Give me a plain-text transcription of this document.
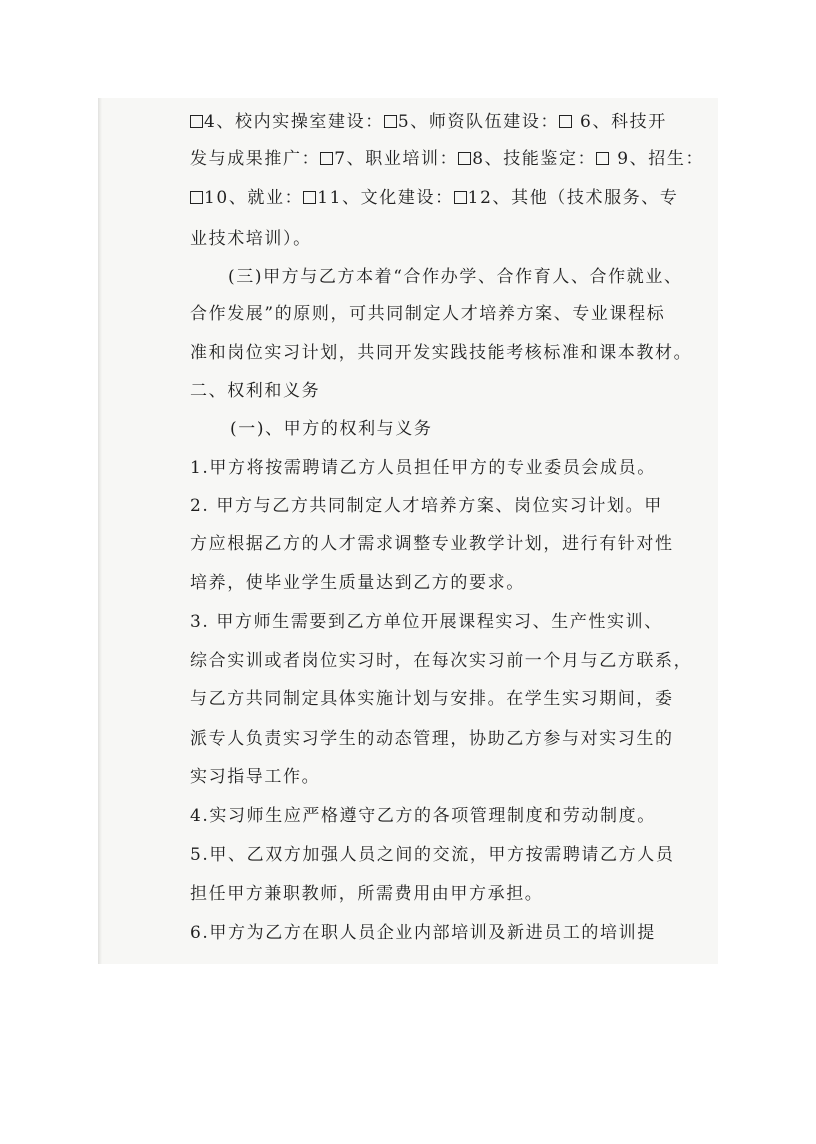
4、校内实操室建设： 5、师资队伍建设： 6、科技开
发与成果推广： 7、职业培训： 8、技能鉴定： 9、招生：
10、就业： 11、文化建设： 12、其他（技术服务、专
业技术培训）。
(三)甲方与乙方本着“合作办学、合作育人、合作就业、
合作发展”的原则，可共同制定人才培养方案、专业课程标
准和岗位实习计划，共同开发实践技能考核标准和课本教材。
二、权利和义务
(一)、甲方的权利与义务
1.甲方将按需聘请乙方人员担任甲方的专业委员会成员。
2. 甲方与乙方共同制定人才培养方案、岗位实习计划。甲
方应根据乙方的人才需求调整专业教学计划，进行有针对性
培养，使毕业学生质量达到乙方的要求。
3. 甲方师生需要到乙方单位开展课程实习、生产性实训、
综合实训或者岗位实习时，在每次实习前一个月与乙方联系，
与乙方共同制定具体实施计划与安排。在学生实习期间，委
派专人负责实习学生的动态管理，协助乙方参与对实习生的
实习指导工作。
4.实习师生应严格遵守乙方的各项管理制度和劳动制度。
5.甲、乙双方加强人员之间的交流，甲方按需聘请乙方人员
担任甲方兼职教师，所需费用由甲方承担。
6.甲方为乙方在职人员企业内部培训及新进员工的培训提
